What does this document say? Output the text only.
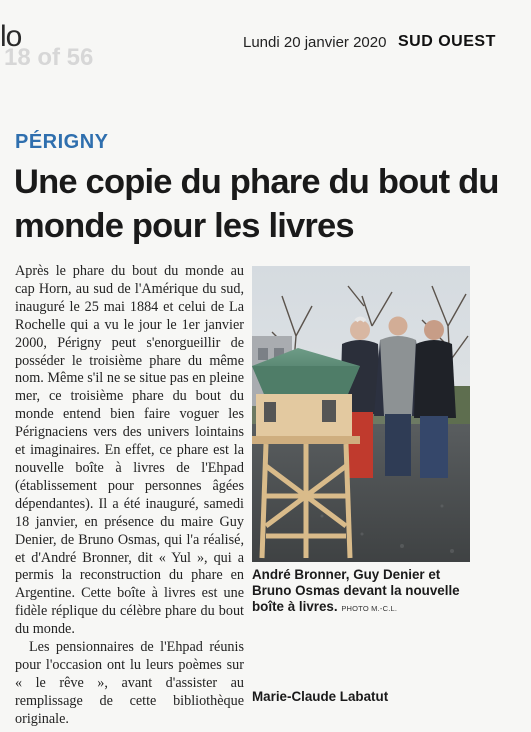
lo
18 of 56
Lundi 20 janvier 2020 SUD OUEST
PÉRIGNY
Une copie du phare du bout du monde pour les livres

Après le phare du bout du monde au cap Horn, au sud de l'Amérique du sud, inauguré le 25 mai 1884 et celui de La Rochelle qui a vu le jour le 1er janvier 2000, Périgny peut s'enorgueillir de posséder le troisième phare du même nom. Même s'il ne se situe pas en pleine mer, ce troisième phare du bout du monde entend bien faire voguer les Pérignaciens vers des univers lointains et imaginaires. En effet, ce phare est la nouvelle boîte à livres de l'Ehpad (établissement pour personnes âgées dépendantes). Il a été inauguré, samedi 18 janvier, en présence du maire Guy Denier, de Bruno Osmas, qui l'a réalisé, et d'André Bronner, dit « Yul », qui a permis la reconstruction du phare en Argentine. Cette boîte à livres est une fidèle réplique du célèbre phare du bout du monde.

Les pensionnaires de l'Ehpad réunis pour l'occasion ont lu leurs poèmes sur « le rêve », avant d'assister au remplissage de cette bibliothèque originale.

André Bronner, Guy Denier et Bruno Osmas devant la nouvelle boîte à livres. PHOTO M.-C.L.

Marie-Claude Labatut
